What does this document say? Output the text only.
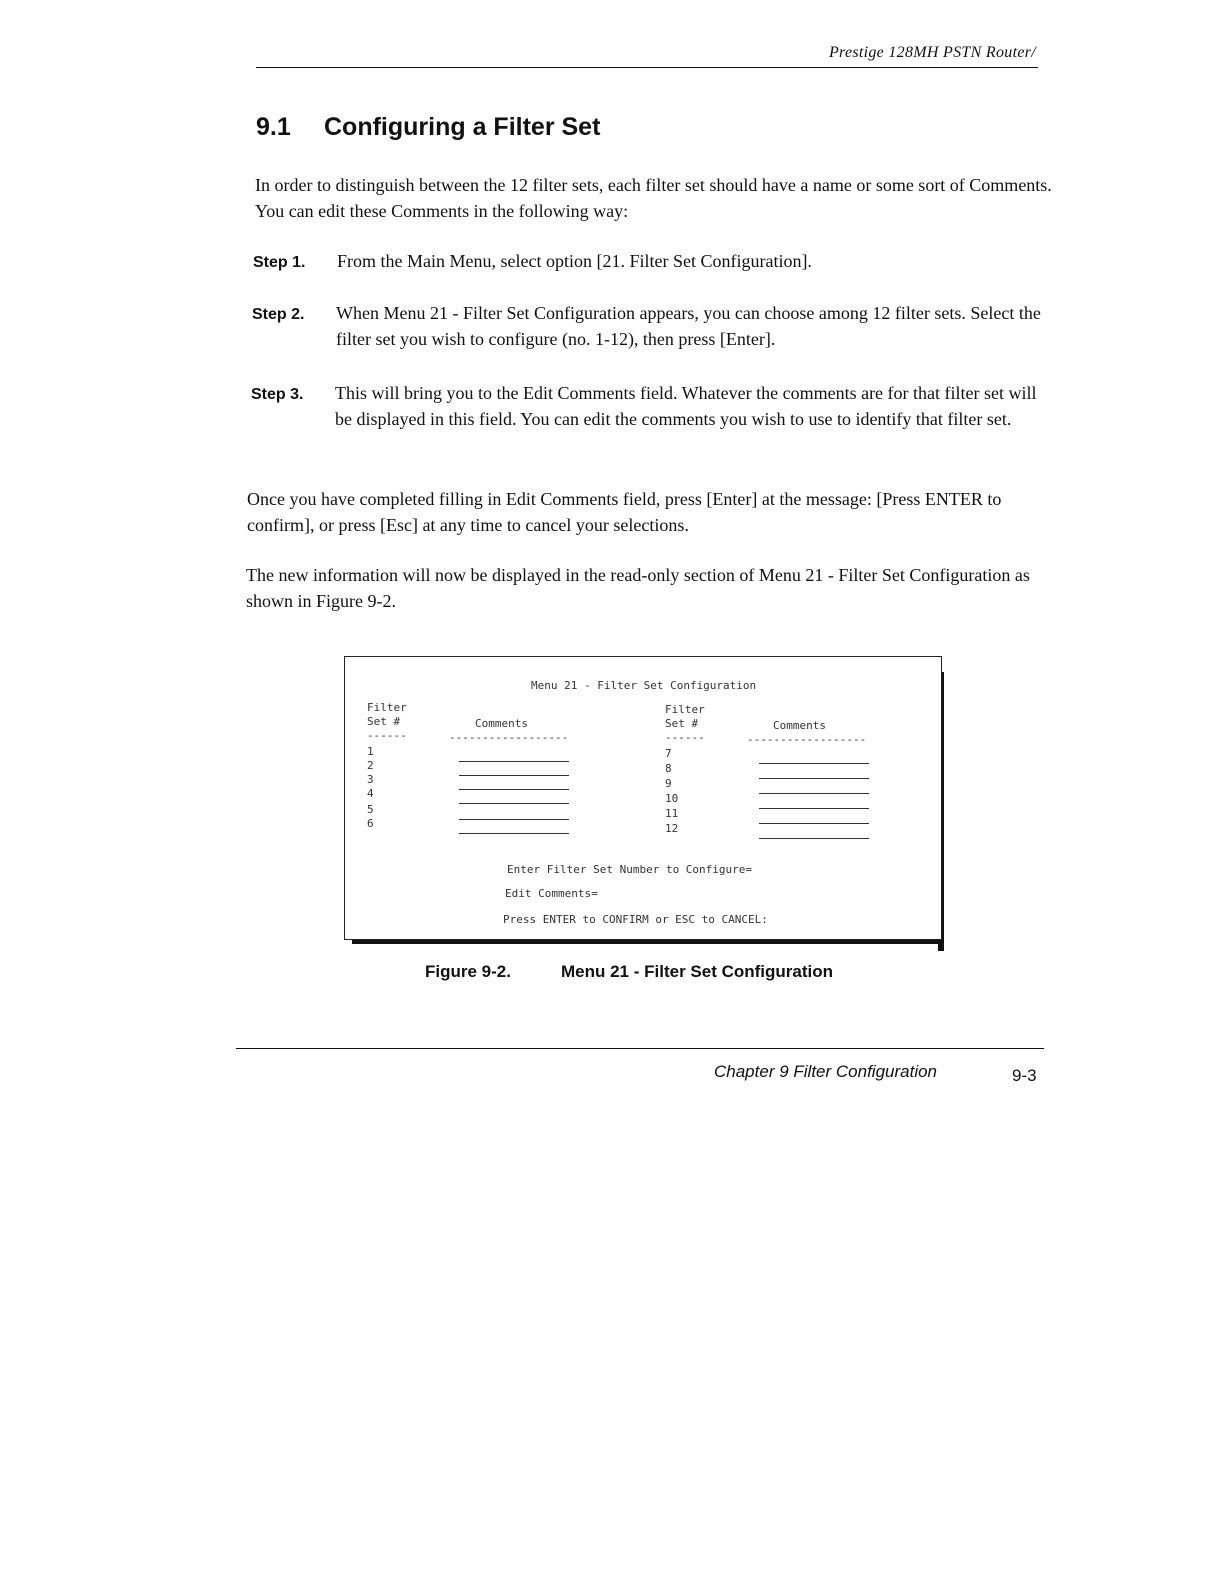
Prestige 128MH PSTN Router/
9.1 Configuring a Filter Set
In order to distinguish between the 12 filter sets, each filter set should have a name or some sort of Comments. You can edit these Comments in the following way:
Step 1. From the Main Menu, select option [21. Filter Set Configuration].
Step 2. When Menu 21 - Filter Set Configuration appears, you can choose among 12 filter sets. Select the filter set you wish to configure (no. 1-12), then press [Enter].
Step 3. This will bring you to the Edit Comments field. Whatever the comments are for that filter set will be displayed in this field. You can edit the comments you wish to use to identify that filter set.
Once you have completed filling in Edit Comments field, press [Enter] at the message: [Press ENTER to confirm], or press [Esc] at any time to cancel your selections.
The new information will now be displayed in the read-only section of Menu 21 - Filter Set Configuration as shown in Figure 9-2.
Menu 21 - Filter Set Configuration
Filter
Set #	Comments
------	------------------
Filter
Set #	Comments
------	------------------
1
2
3
4
5
6
7
8
9
10
11
12
Enter Filter Set Number to Configure=
Edit Comments=
Press ENTER to CONFIRM or ESC to CANCEL:
Figure 9-2.	Menu 21 - Filter Set Configuration
Chapter 9 Filter Configuration	9-3
